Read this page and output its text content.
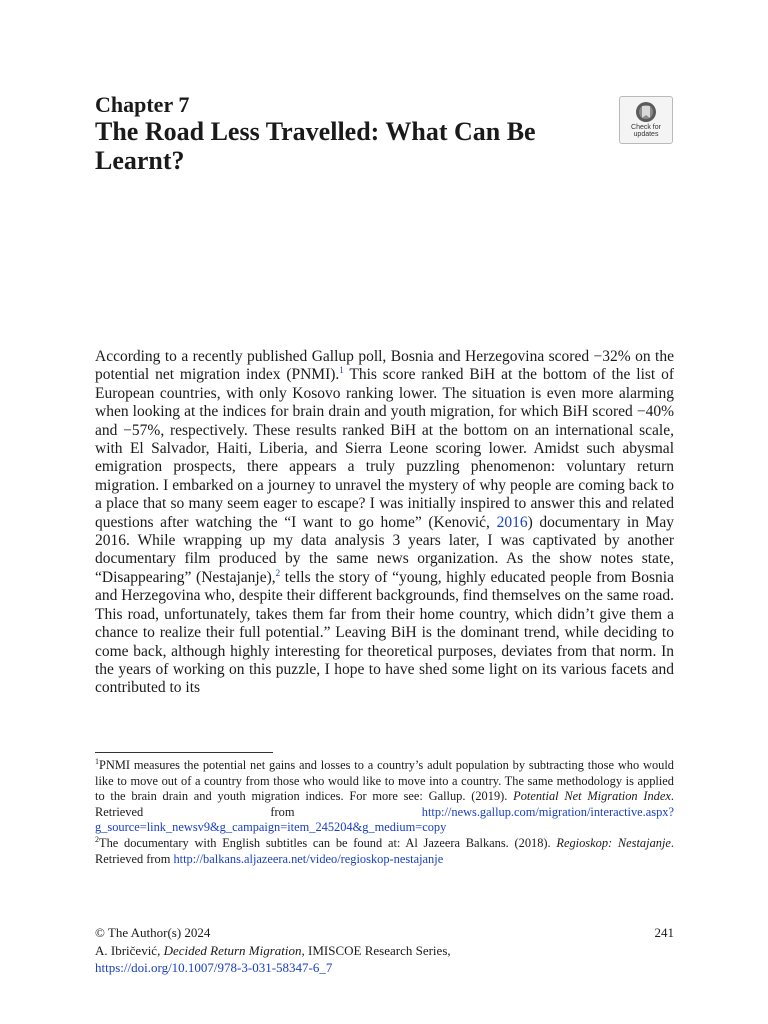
Chapter 7
The Road Less Travelled: What Can Be Learnt?
Check for updates

According to a recently published Gallup poll, Bosnia and Herzegovina scored −32% on the potential net migration index (PNMI).$^1$ This score ranked BiH at the bottom of the list of European countries, with only Kosovo ranking lower. The situation is even more alarming when looking at the indices for brain drain and youth migration, for which BiH scored −40% and −57%, respectively. These results ranked BiH at the bottom on an international scale, with El Salvador, Haiti, Liberia, and Sierra Leone scoring lower. Amidst such abysmal emigration prospects, there appears a truly puzzling phenomenon: voluntary return migration. I embarked on a journey to unravel the mystery of why people are coming back to a place that so many seem eager to escape? I was initially inspired to answer this and related questions after watching the “I want to go home” (Kenović, 2016) documentary in May 2016. While wrapping up my data analysis 3 years later, I was captivated by another documentary film produced by the same news organization. As the show notes state, “Disappearing” (Nestajanje),$^2$ tells the story of “young, highly educated people from Bosnia and Herzegovina who, despite their different backgrounds, find themselves on the same road. This road, unfortunately, takes them far from their home country, which didn’t give them a chance to realize their full potential.” Leaving BiH is the dominant trend, while deciding to come back, although highly interesting for theoretical purposes, deviates from that norm. In the years of working on this puzzle, I hope to have shed some light on its various facets and contributed to its

$^1$PNMI measures the potential net gains and losses to a country’s adult population by subtracting those who would like to move out of a country from those who would like to move into a country. The same methodology is applied to the brain drain and youth migration indices. For more see: Gallup. (2019). Potential Net Migration Index. Retrieved from http://news.gallup.com/migration/interactive.aspx?g_source=link_newsv9&g_campaign=item_245204&g_medium=copy

$^2$The documentary with English subtitles can be found at: Al Jazeera Balkans. (2018). Regioskop: Nestajanje. Retrieved from http://balkans.aljazeera.net/video/regioskop-nestajanje

© The Author(s) 2024
A. Ibričević, Decided Return Migration, IMISCOE Research Series,
https://doi.org/10.1007/978-3-031-58347-6_7
241
